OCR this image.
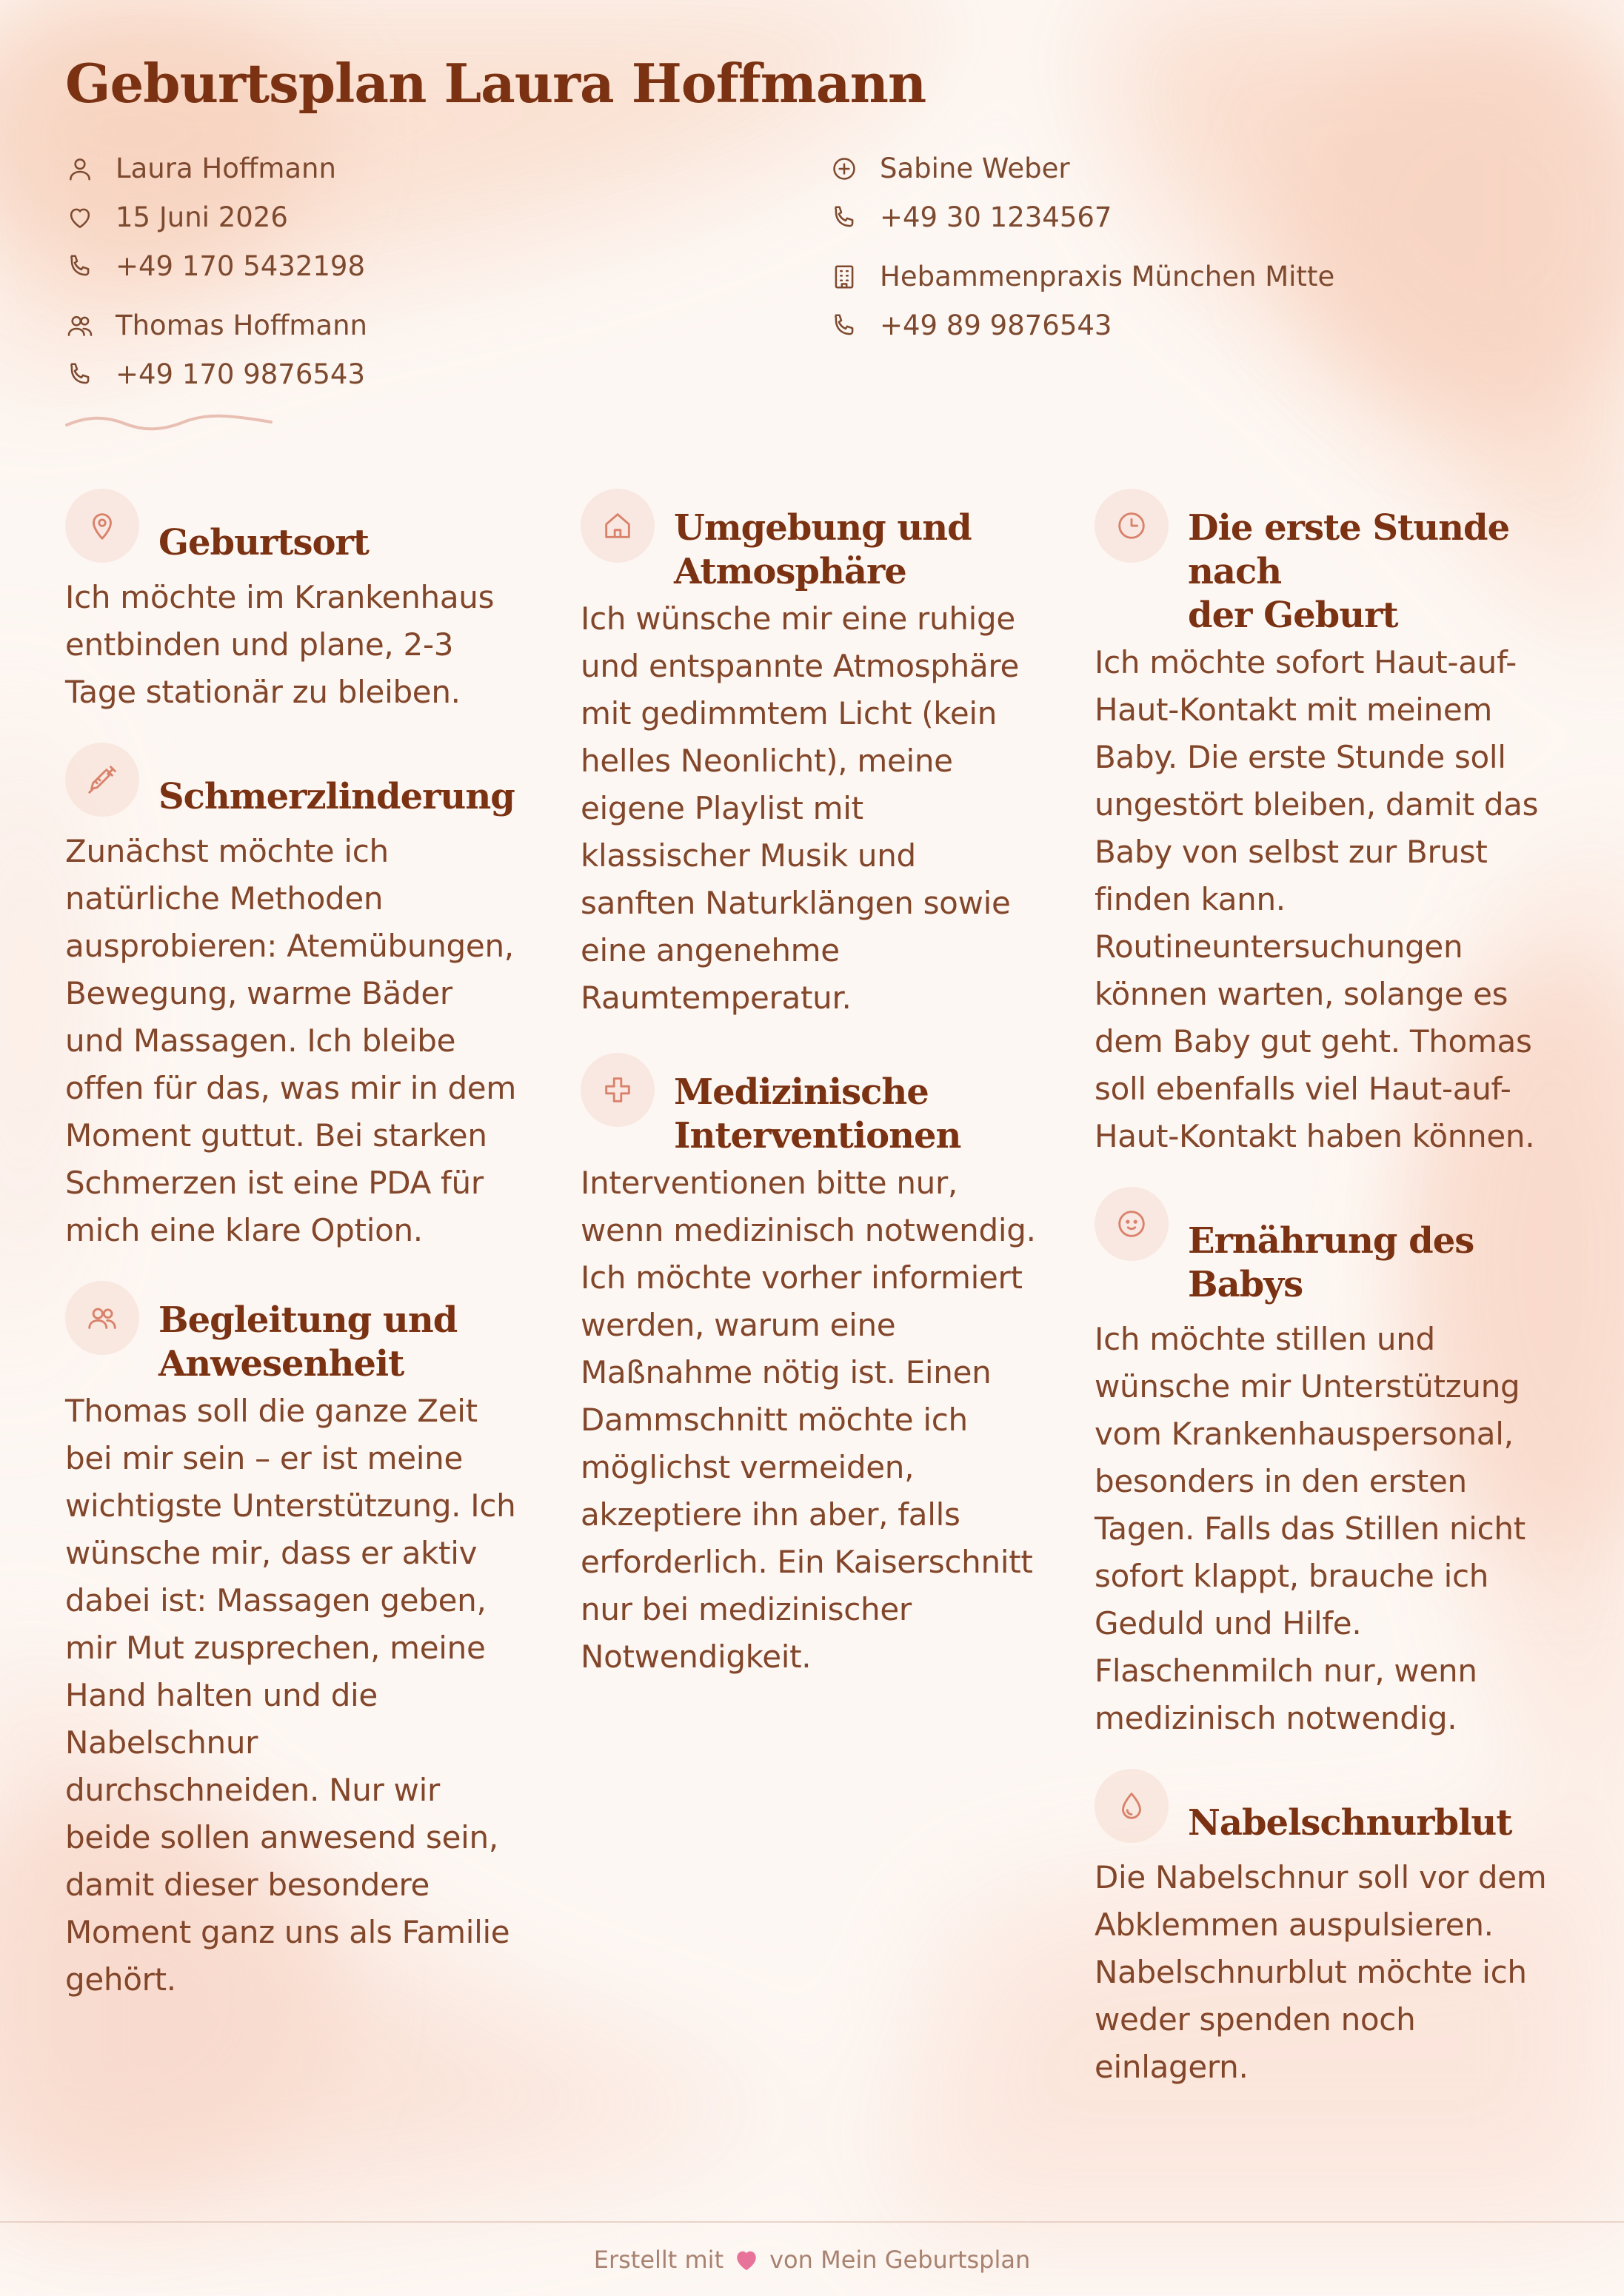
Geburtsplan Laura Hoffmann
Laura Hoffmann
15 Juni 2026
+49 170 5432198
Thomas Hoffmann
+49 170 9876543
Sabine Weber
+49 30 1234567
Hebammenpraxis München Mitte
+49 89 9876543
Geburtsort

Ich möchte im Krankenhaus
entbinden und plane, 2-3
Tage stationär zu bleiben.

Schmerzlinderung

Zunächst möchte ich
natürliche Methoden
ausprobieren: Atemübungen,
Bewegung, warme Bäder
und Massagen. Ich bleibe
offen für das, was mir in dem
Moment guttut. Bei starken
Schmerzen ist eine PDA für
mich eine klare Option.

Begleitung und
Anwesenheit

Thomas soll die ganze Zeit
bei mir sein – er ist meine
wichtigste Unterstützung. Ich
wünsche mir, dass er aktiv
dabei ist: Massagen geben,
mir Mut zusprechen, meine
Hand halten und die
Nabelschnur
durchschneiden. Nur wir
beide sollen anwesend sein,
damit dieser besondere
Moment ganz uns als Familie
gehört.

Umgebung und
Atmosphäre

Ich wünsche mir eine ruhige
und entspannte Atmosphäre
mit gedimmtem Licht (kein
helles Neonlicht), meine
eigene Playlist mit
klassischer Musik und
sanften Naturklängen sowie
eine angenehme
Raumtemperatur.

Medizinische
Interventionen

Interventionen bitte nur,
wenn medizinisch notwendig.
Ich möchte vorher informiert
werden, warum eine
Maßnahme nötig ist. Einen
Dammschnitt möchte ich
möglichst vermeiden,
akzeptiere ihn aber, falls
erforderlich. Ein Kaiserschnitt
nur bei medizinischer
Notwendigkeit.

Die erste Stunde nach
der Geburt

Ich möchte sofort Haut-auf-
Haut-Kontakt mit meinem
Baby. Die erste Stunde soll
ungestört bleiben, damit das
Baby von selbst zur Brust
finden kann.
Routineuntersuchungen
können warten, solange es
dem Baby gut geht. Thomas
soll ebenfalls viel Haut-auf-
Haut-Kontakt haben können.

Ernährung des Babys

Ich möchte stillen und
wünsche mir Unterstützung
vom Krankenhauspersonal,
besonders in den ersten
Tagen. Falls das Stillen nicht
sofort klappt, brauche ich
Geduld und Hilfe.
Flaschenmilch nur, wenn
medizinisch notwendig.

Nabelschnurblut

Die Nabelschnur soll vor dem
Abklemmen auspulsieren.
Nabelschnurblut möchte ich
weder spenden noch
einlagern.

Erstellt mit von Mein Geburtsplan
